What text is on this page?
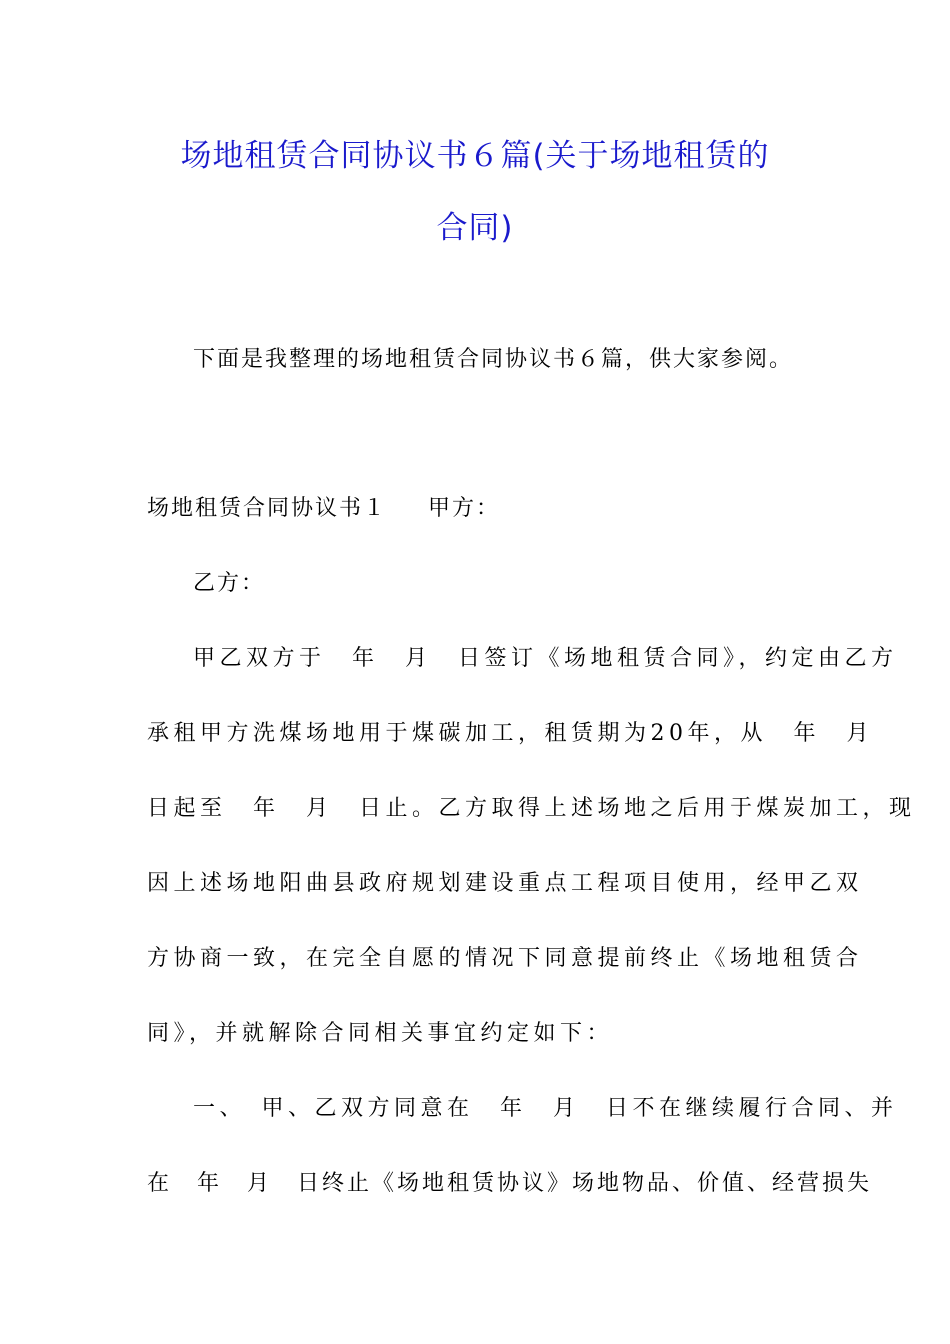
场地租赁合同协议书６篇(关于场地租赁的
合同)
下面是我整理的场地租赁合同协议书６篇，供大家参阅。
场地租赁合同协议书１ 甲方：
乙方：
甲乙双方于　年　月　日签订《场地租赁合同》，约定由乙方
承租甲方洗煤场地用于煤碳加工，租赁期为20年，从　年　月
日起至　年　月　日止。乙方取得上述场地之后用于煤炭加工，现
因上述场地阳曲县政府规划建设重点工程项目使用，经甲乙双
方协商一致，在完全自愿的情况下同意提前终止《场地租赁合
同》，并就解除合同相关事宜约定如下：
一、　甲、乙双方同意在　年　月　日不在继续履行合同、并
在　年　月　日终止《场地租赁协议》场地物品、价值、经营损失
